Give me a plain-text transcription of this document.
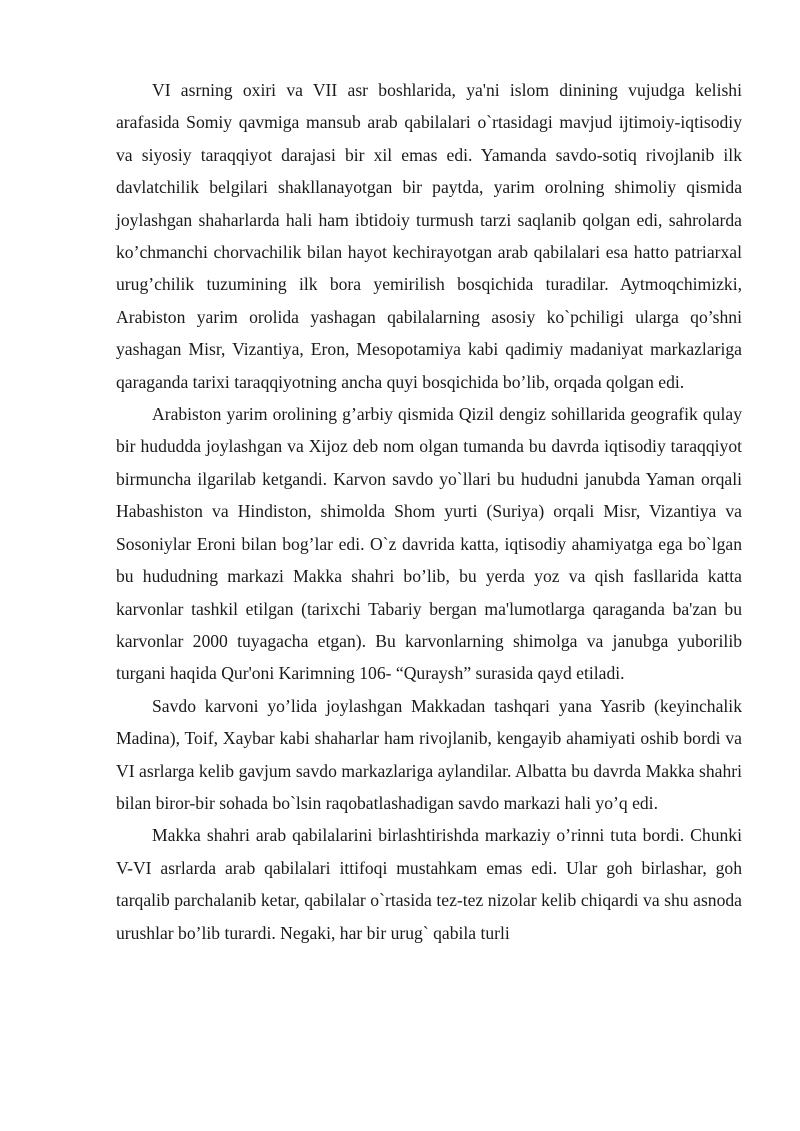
VI asrning oxiri va VII asr boshlarida, ya'ni islom dinining vujudga kelishi arafasida Somiy qavmiga mansub arab qabilalari o`rtasidagi mavjud ijtimoiy-iqtisodiy va siyosiy taraqqiyot darajasi bir xil emas edi. Yamanda savdo-sotiq rivojlanib ilk davlatchilik belgilari shakllanayotgan bir paytda, yarim orolning shimoliy qismida joylashgan shaharlarda hali ham ibtidoiy turmush tarzi saqlanib qolgan edi, sahrolarda ko’chmanchi chorvachilik bilan hayot kechirayotgan arab qabilalari esa hatto patriarxal urug’chilik tuzumining ilk bora yemirilish bosqichida turadilar. Aytmoqchimizki, Arabiston yarim orolida yashagan qabilalarning asosiy ko`pchiligi ularga qo’shni yashagan Misr, Vizantiya, Eron, Mesopotamiya kabi qadimiy madaniyat markazlariga qaraganda tarixi taraqqiyotning ancha quyi bosqichida bo’lib, orqada qolgan edi.

Arabiston yarim orolining g’arbiy qismida Qizil dengiz sohillarida geografik qulay bir hududda joylashgan va Xijoz deb nom olgan tumanda bu davrda iqtisodiy taraqqiyot birmuncha ilgarilab ketgandi. Karvon savdo yo`llari bu hududni janubda Yaman orqali Habashiston va Hindiston, shimolda Shom yurti (Suriya) orqali Misr, Vizantiya va Sosoniylar Eroni bilan bog’lar edi. O`z davrida katta, iqtisodiy ahamiyatga ega bo`lgan bu hududning markazi Makka shahri bo’lib, bu yerda yoz va qish fasllarida katta karvonlar tashkil etilgan (tarixchi Tabariy bergan ma'lumotlarga qaraganda ba'zan bu karvonlar 2000 tuyagacha etgan). Bu karvonlarning shimolga va janubga yuborilib turgani haqida Qur'oni Karimning 106- “Quraysh” surasida qayd etiladi.

Savdo karvoni yo’lida joylashgan Makkadan tashqari yana Yasrib (keyinchalik Madina), Toif, Xaybar kabi shaharlar ham rivojlanib, kengayib ahamiyati oshib bordi va VI asrlarga kelib gavjum savdo markazlariga aylandilar. Albatta bu davrda Makka shahri bilan biror-bir sohada bo`lsin raqobatlashadigan savdo markazi hali yo’q edi.

Makka shahri arab qabilalarini birlashtirishda markaziy o’rinni tuta bordi. Chunki V-VI asrlarda arab qabilalari ittifoqi mustahkam emas edi. Ular goh birlashar, goh tarqalib parchalanib ketar, qabilalar o`rtasida tez-tez nizolar kelib chiqardi va shu asnoda urushlar bo’lib turardi. Negaki, har bir urug` qabila turli
